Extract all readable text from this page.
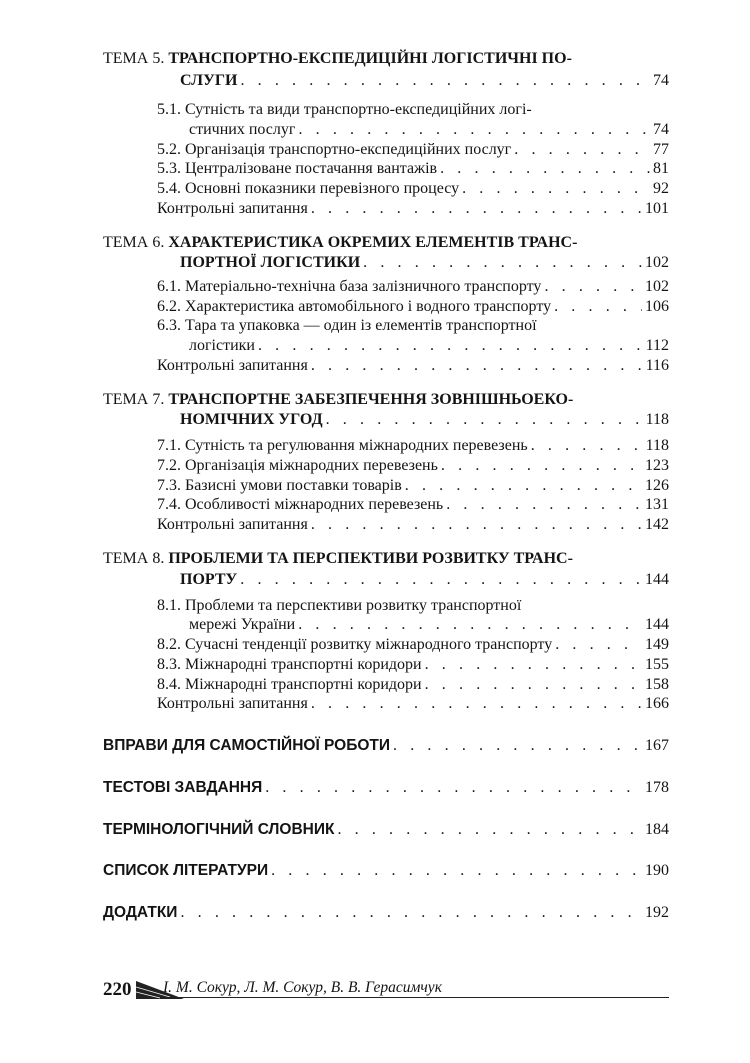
ТЕМА 5. ТРАНСПОРТНО-ЕКСПЕДИЦІЙНІ ЛОГІСТИЧНІ ПО-
СЛУГИ . . .	74
5.1. Сутність та види транспортно-експедиційних логі-
стичних послуг . . .	74
5.2. Організація транспортно-експедиційних послуг . . .	77
5.3. Централізоване постачання вантажів . . .	81
5.4. Основні показники перевізного процесу . . .	92
Контрольні запитання . . .	101
ТЕМА 6. ХАРАКТЕРИСТИКА ОКРЕМИХ ЕЛЕМЕНТІВ ТРАНС-
ПОРТНОЇ ЛОГІСТИКИ . . .	102
6.1. Матеріально-технічна база залізничного транспорту . . .	102
6.2. Характеристика автомобільного і водного транспорту . . .	106
6.3. Тара та упаковка — один із елементів транспортної
логістики . . .	112
Контрольні запитання . . .	116
ТЕМА 7. ТРАНСПОРТНЕ ЗАБЕЗПЕЧЕННЯ ЗОВНІШНЬОЕКО-
НОМІЧНИХ УГОД . . .	118
7.1. Сутність та регулювання міжнародних перевезень . . .	118
7.2. Організація міжнародних перевезень . . .	123
7.3. Базисні умови поставки товарів . . .	126
7.4. Особливості міжнародних перевезень . . .	131
Контрольні запитання . . .	142
ТЕМА 8. ПРОБЛЕМИ ТА ПЕРСПЕКТИВИ РОЗВИТКУ ТРАНС-
ПОРТУ . . .	144
8.1. Проблеми та перспективи розвитку транспортної
мережі України . . .	144
8.2. Сучасні тенденції розвитку міжнародного транспорту . . .	149
8.3. Міжнародні транспортні коридори . . .	155
8.4. Міжнародні транспортні коридори . . .	158
Контрольні запитання . . .	166
ВПРАВИ ДЛЯ САМОСТІЙНОЇ РОБОТИ . . .	167
ТЕСТОВІ ЗАВДАННЯ . . .	178
ТЕРМІНОЛОГІЧНИЙ СЛОВНИК . . .	184
СПИСОК ЛІТЕРАТУРИ . . .	190
ДОДАТКИ . . .	192
220 І. М. Сокур, Л. М. Сокур, В. В. Герасимчук
